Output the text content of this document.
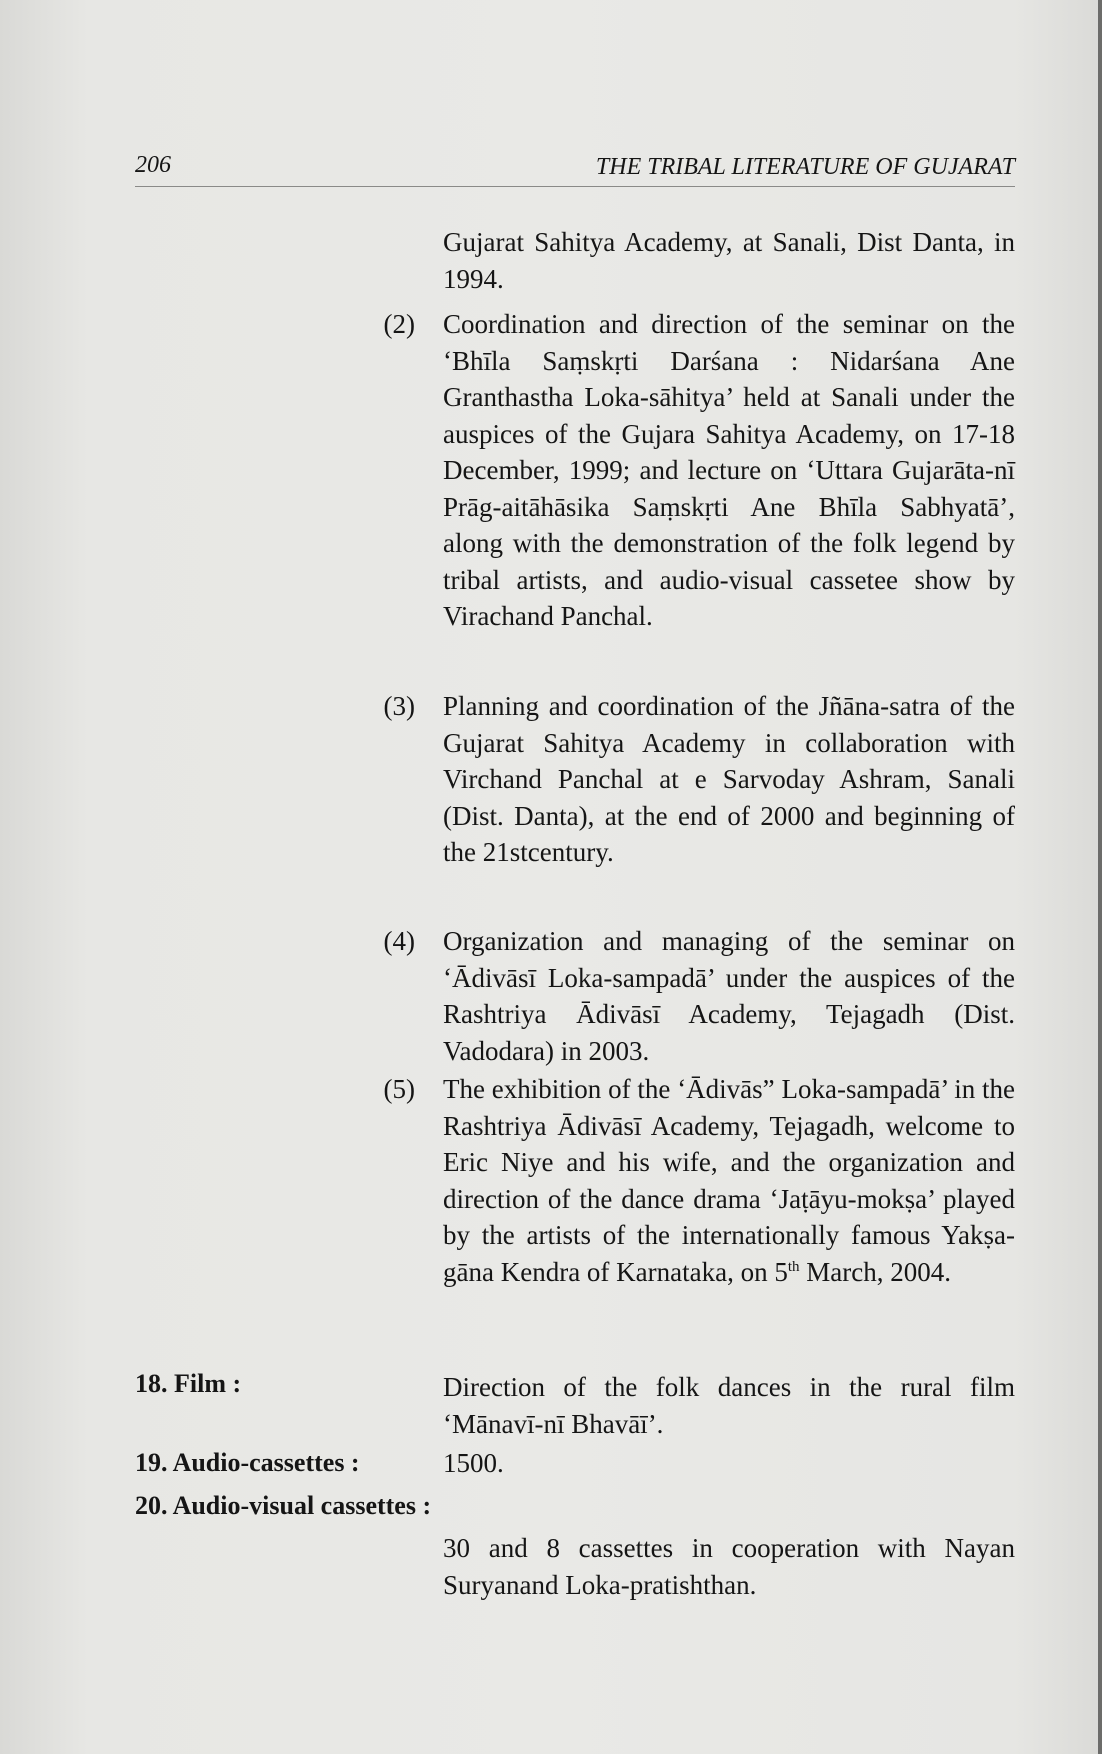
206	THE TRIBAL LITERATURE OF GUJARAT
Gujarat Sahitya Academy, at Sanali, Dist Danta, in 1994.
(2) Coordination and direction of the seminar on the ‘Bhīla Saṃskṛti Darśana : Nidarśana Ane Granthastha Loka-sāhitya’ held at Sanali under the auspices of the Gujara Sahitya Academy, on 17-18 December, 1999; and lecture on ‘Uttara Gujarāta-nī Prāg-aitāhāsika Saṃskṛti Ane Bhīla Sabhyatā’, along with the demonstration of the folk legend by tribal artists, and audio-visual cassetee show by Virachand Panchal.
(3) Planning and coordination of the Jñāna-satra of the Gujarat Sahitya Academy in collaboration with Virchand Panchal at e Sarvoday Ashram, Sanali (Dist. Danta), at the end of 2000 and beginning of the 21stcentury.
(4) Organization and managing of the seminar on ‘Ādivāsī Loka-sampadā’ under the auspices of the Rashtriya Ādivāsī Academy, Tejagadh (Dist. Vadodara) in 2003.
(5) The exhibition of the ‘Ādivās” Loka-sampadā’ in the Rashtriya Ādivāsī Academy, Tejagadh, welcome to Eric Niye and his wife, and the organization and direction of the dance drama ‘Jaṭāyu-mokṣa’ played by the artists of the internationally famous Yakṣa-gāna Kendra of Karnataka, on 5th March, 2004.
18. Film :	Direction of the folk dances in the rural film ‘Mānavī-nī Bhavāī’.
19. Audio-cassettes :	1500.
20. Audio-visual cassettes :
30 and 8 cassettes in cooperation with Nayan Suryanand Loka-pratishthan.
